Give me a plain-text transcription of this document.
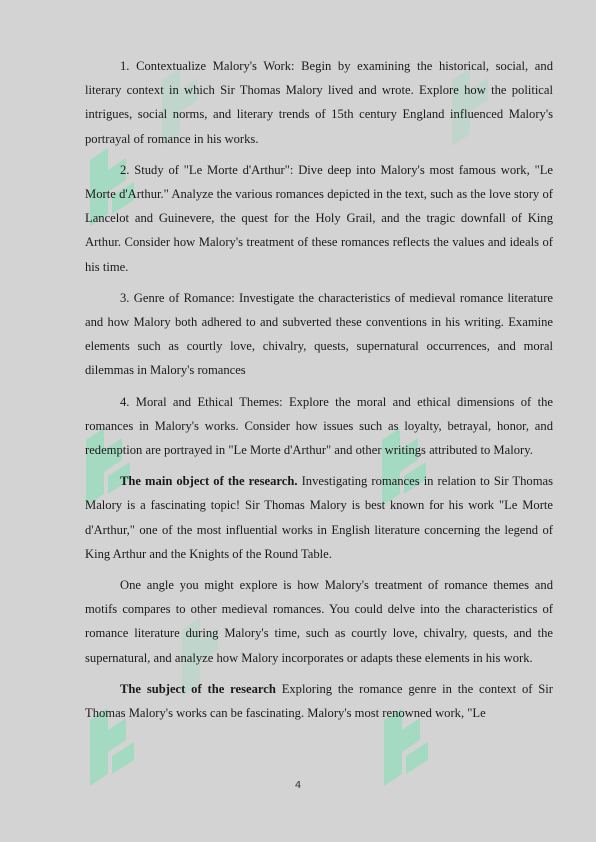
1. Contextualize Malory's Work: Begin by examining the historical, social, and literary context in which Sir Thomas Malory lived and wrote. Explore how the political intrigues, social norms, and literary trends of 15th century England influenced Malory's portrayal of romance in his works.

2. Study of "Le Morte d'Arthur": Dive deep into Malory's most famous work, "Le Morte d'Arthur." Analyze the various romances depicted in the text, such as the love story of Lancelot and Guinevere, the quest for the Holy Grail, and the tragic downfall of King Arthur. Consider how Malory's treatment of these romances reflects the values and ideals of his time.

3. Genre of Romance: Investigate the characteristics of medieval romance literature and how Malory both adhered to and subverted these conventions in his writing. Examine elements such as courtly love, chivalry, quests, supernatural occurrences, and moral dilemmas in Malory's romances

4. Moral and Ethical Themes: Explore the moral and ethical dimensions of the romances in Malory's works. Consider how issues such as loyalty, betrayal, honor, and redemption are portrayed in "Le Morte d'Arthur" and other writings attributed to Malory.

The main object of the research. Investigating romances in relation to Sir Thomas Malory is a fascinating topic! Sir Thomas Malory is best known for his work "Le Morte d'Arthur," one of the most influential works in English literature concerning the legend of King Arthur and the Knights of the Round Table.

One angle you might explore is how Malory's treatment of romance themes and motifs compares to other medieval romances. You could delve into the characteristics of romance literature during Malory's time, such as courtly love, chivalry, quests, and the supernatural, and analyze how Malory incorporates or adapts these elements in his work.

The subject of the research Exploring the romance genre in the context of Sir Thomas Malory's works can be fascinating. Malory's most renowned work, "Le

4
